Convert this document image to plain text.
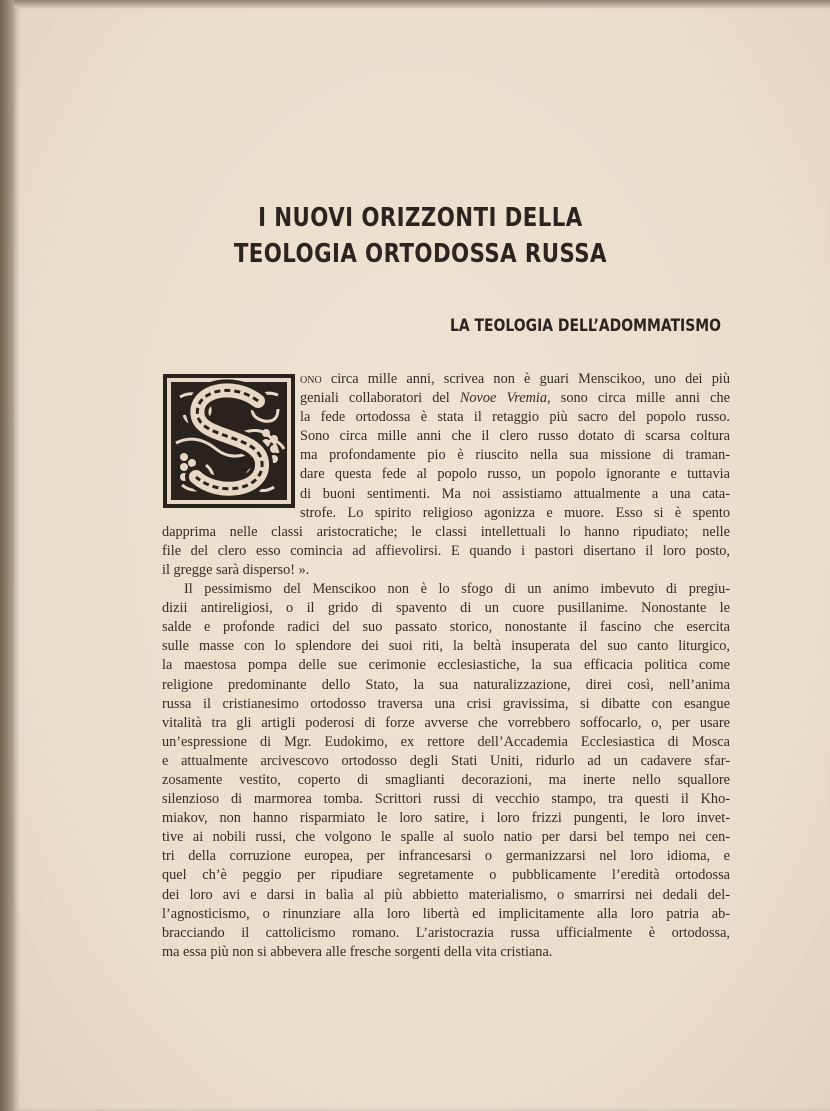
I NUOVI ORIZZONTI DELLA
TEOLOGIA ORTODOSSA RUSSA
LA TEOLOGIA DELL’ADOMMATISMO
ono circa mille anni, scrivea non è guari Menscikoo, uno dei più
geniali collaboratori del Novoe Vremia, sono circa mille anni che
la fede ortodossa è stata il retaggio più sacro del popolo russo.
Sono circa mille anni che il clero russo dotato di scarsa coltura
ma profondamente pio è riuscito nella sua missione di traman-
dare questa fede al popolo russo, un popolo ignorante e tuttavia
di buoni sentimenti. Ma noi assistiamo attualmente a una cata-
strofe. Lo spirito religioso agonizza e muore. Esso si è spento
dapprima nelle classi aristocratiche; le classi intellettuali lo hanno ripudiato; nelle
file del clero esso comincia ad affievolirsi. E quando i pastori disertano il loro posto,
il gregge sarà disperso! ».
Il pessimismo del Menscikoo non è lo sfogo di un animo imbevuto di pregiu-
dizii antireligiosi, o il grido di spavento di un cuore pusillanime. Nonostante le
salde e profonde radici del suo passato storico, nonostante il fascino che esercita
sulle masse con lo splendore dei suoi riti, la beltà insuperata del suo canto liturgico,
la maestosa pompa delle sue cerimonie ecclesiastiche, la sua efficacia politica come
religione predominante dello Stato, la sua naturalizzazione, direi così, nell’anima
russa il cristianesimo ortodosso traversa una crisi gravissima, si dibatte con esangue
vitalità tra gli artigli poderosi di forze avverse che vorrebbero soffocarlo, o, per usare
un’espressione di Mgr. Eudokimo, ex rettore dell’Accademia Ecclesiastica di Mosca
e attualmente arcivescovo ortodosso degli Stati Uniti, ridurlo ad un cadavere sfar-
zosamente vestito, coperto di smaglianti decorazioni, ma inerte nello squallore
silenzioso di marmorea tomba. Scrittori russi di vecchio stampo, tra questi il Kho-
miakov, non hanno risparmiato le loro satire, i loro frizzi pungenti, le loro invet-
tive ai nobili russi, che volgono le spalle al suolo natio per darsi bel tempo nei cen-
tri della corruzione europea, per infrancesarsi o germanizzarsi nel loro idioma, e
quel ch’è peggio per ripudiare segretamente o pubblicamente l’eredità ortodossa
dei loro avi e darsi in balìa al più abbietto materialismo, o smarrirsi nei dedali del-
l’agnosticismo, o rinunziare alla loro libertà ed implicitamente alla loro patria ab-
bracciando il cattolicismo romano. L’aristocrazia russa ufficialmente è ortodossa,
ma essa più non si abbevera alle fresche sorgenti della vita cristiana.
